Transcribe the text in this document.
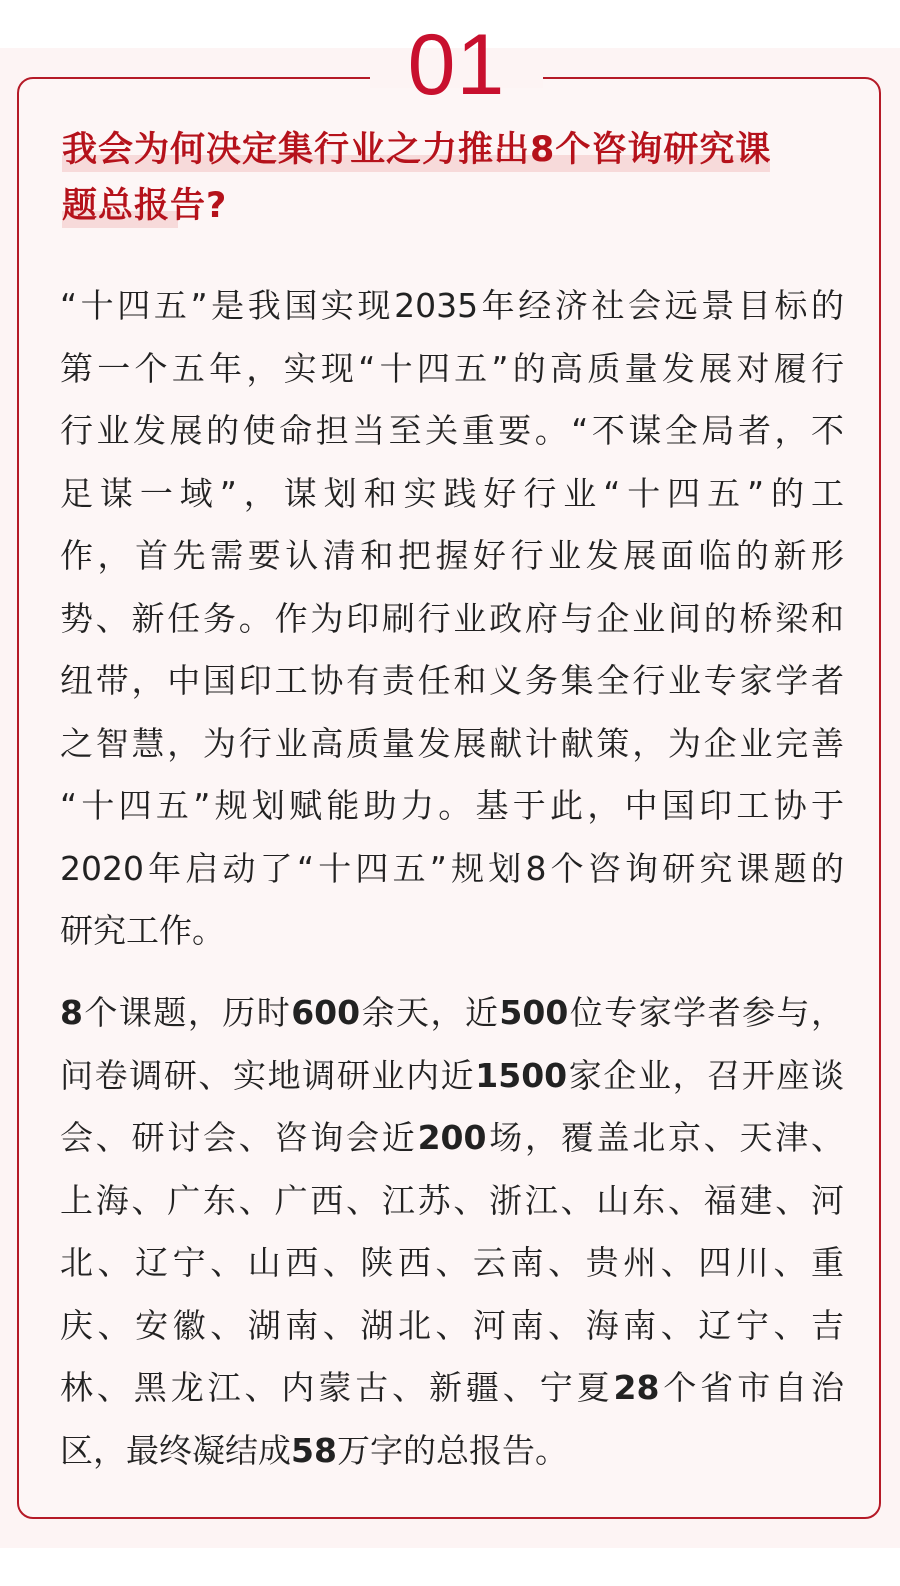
01
我会为何决定集行业之力推出8个咨询研究课
题总报告?

“十四五”是我国实现2035年经济社会远景目标的
第一个五年，实现“十四五”的高质量发展对履行
行业发展的使命担当至关重要。“不谋全局者，不
足谋一域”，谋划和实践好行业“十四五”的工
作，首先需要认清和把握好行业发展面临的新形
势、新任务。作为印刷行业政府与企业间的桥梁和
纽带，中国印工协有责任和义务集全行业专家学者
之智慧，为行业高质量发展献计献策，为企业完善
“十四五”规划赋能助力。基于此，中国印工协于
2020年启动了“十四五”规划8个咨询研究课题的
研究工作。

8个课题，历时600余天，近500位专家学者参与，
问卷调研、实地调研业内近1500家企业，召开座谈
会、研讨会、咨询会近200场，覆盖北京、天津、
上海、广东、广西、江苏、浙江、山东、福建、河
北、辽宁、山西、陕西、云南、贵州、四川、重
庆、安徽、湖南、湖北、河南、海南、辽宁、吉
林、黑龙江、内蒙古、新疆、宁夏28个省市自治
区，最终凝结成58万字的总报告。
